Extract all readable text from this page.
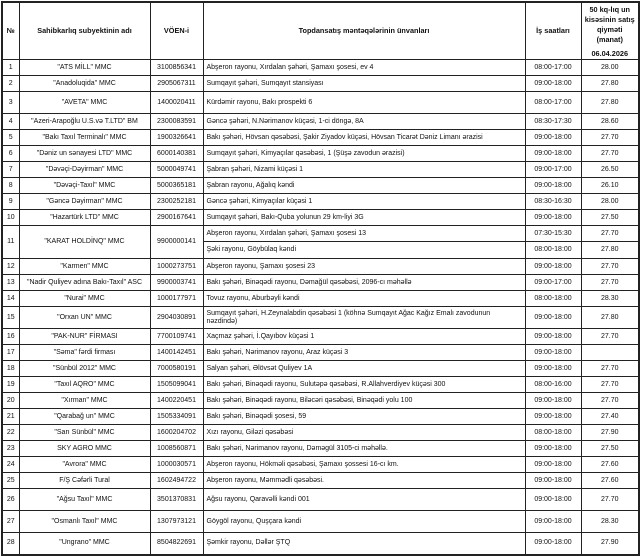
№	Sahibkarlıq subyektinin adı	VÖEN-i	Topdansatış məntəqələrinin ünvanları	İş saatları	50 kq-lıq un kisəsinin satış qiyməti (manat)
06.04.2026

1	"ATS MİLL" MMC	3100856341	Abşeron rayonu, Xırdalan şəhəri, Şamaxı şosesi, ev 4	08:00-17:00	28.00
2	"Anadoluqida" MMC	2905067311	Sumqayıt şəhəri, Sumqayıt stansiyası	09:00-18:00	27.80
3	"AVETA" MMC	1400020411	Kürdəmir rayonu, Bakı prospekti 6	08:00-17:00	27.80
4	"Azeri-Arapoğlu U.S.və T.LTD" BM	2300083591	Gəncə şəhəri, N.Nərimanov küçəsi, 1-ci döngə, 8A	08:30-17:30	28.60
5	"Bakı Taxıl Terminalı" MMC	1900326641	Bakı şəhəri, Hövsan qəsəbəsi, Şakir Ziyadov küçəsi, Hövsan Ticarət Dəniz Limanı ərazisi	09:00-18:00	27.70
6	"Dəniz un sənayesi LTD" MMC	6000140381	Sumqayıt şəhəri, Kimyaçılar qəsəbəsi, 1 (Şüşə zavodun ərazisi)	09:00-18:00	27.70
7	"Dəvəçi-Dəyirman" MMC	5000049741	Şabran şəhəri, Nizami küçəsi 1	09:00-17:00	26.50
8	"Dəvəçi-Taxıl" MMC	5000365181	Şabran rayonu, Ağalıq kəndi	09:00-18:00	26.10
9	"Gəncə Dəyirman" MMC	2300252181	Gəncə şəhəri, Kimyaçılar küçəsi 1	08:30-16:30	28.00
10	"Hazartürk LTD" MMC	2900167641	Sumqayıt şəhəri, Bakı-Quba yolunun 29 km-liyi 3G	09:00-18:00	27.50
11	"KARAT HOLDİNQ" MMC	9900000141	Abşeron rayonu, Xırdalan şəhəri, Şamaxı şosesi 13	07:30-15:30	27.70
			Şəki rayonu, Göybülaq kəndi	08:00-18:00	27.80
12	"Karmen" MMC	1000273751	Abşeron rayonu, Şamaxı şosesi 23	09:00-18:00	27.70
13	"Nadir Quliyev adına Bakı-Taxıl" ASC	9900003741	Bakı şəhəri, Binəqədi rayonu, Dəmağül qəsəbəsi, 2096-cı məhəllə	09:00-17:00	27.70
14	"Nurai" MMC	1000177971	Tovuz rayonu, Aburbəyli kəndi	08:00-18:00	28.30
15	"Orxan UN" MMC	2904030891	Sumqayıt şəhəri, H.Zeynalabdin qəsəbəsi 1 (köhnə Sumqayıt Ağac Kağız Emalı zavodunun nəzdində)	09:00-18:00	27.80
16	"PAK-NUR" FİRMASI	7700109741	Xaçmaz şəhəri, İ.Qayıbov küçəsi 1	09:00-18:00	27.70
17	"Səma" fərdi firması	1400142451	Bakı şəhəri, Nərimanov rayonu, Araz küçəsi 3	09:00-18:00	
18	"Sünbül 2012" MMC	7000580191	Salyan şəhəri, Əlövsət Quliyev 1A	09:00-18:00	27.70
19	"Taxıl AQRO" MMC	1505099041	Bakı şəhəri, Binəqədi rayonu, Sulutəpə qəsəbəsi, R.Allahverdiyev küçəsi 300	08:00-16:00	27.70
20	"Xırman" MMC	1400220451	Bakı şəhəri, Binəqədi rayonu, Biləcəri qəsəbəsi, Binəqədi yolu 100	09:00-18:00	27.70
21	"Qarabağ un" MMC	1505334091	Bakı şəhəri, Binəqədi şosesi, 59	09:00-18:00	27.40
22	"Sarı Sünbül" MMC	1600204702	Xızı rayonu, Giləzi qəsəbəsi	08:00-18:00	27.90
23	SKY AGRO MMC	1008560871	Bakı şəhəri, Nərimanov rayonu, Dəməgül 3105-ci məhəllə.	09:00-18:00	27.50
24	"Avrora" MMC	1000030571	Abşeron rayonu, Hökməli qəsəbəsi, Şamaxı şossesi 16-cı km.	09:00-18:00	27.60
25	F/Ş Cəfərli Tural	1602494722	Abşeron rayonu, Məmmədli qəsəbəsi.	09:00-18:00	27.60
26	"Ağsu Taxıl" MMC	3501370831	Ağsu rayonu, Qaravəlli kəndi 001	09:00-18:00	27.70
27	"Osmanlı Taxıl" MMC	1307973121	Göygöl rayonu, Quşçara kəndi	09:00-18:00	28.30
28	"Ungrano" MMC	8504822691	Şəmkir rayonu, Dəllər ŞTQ	09:00-18:00	27.90
